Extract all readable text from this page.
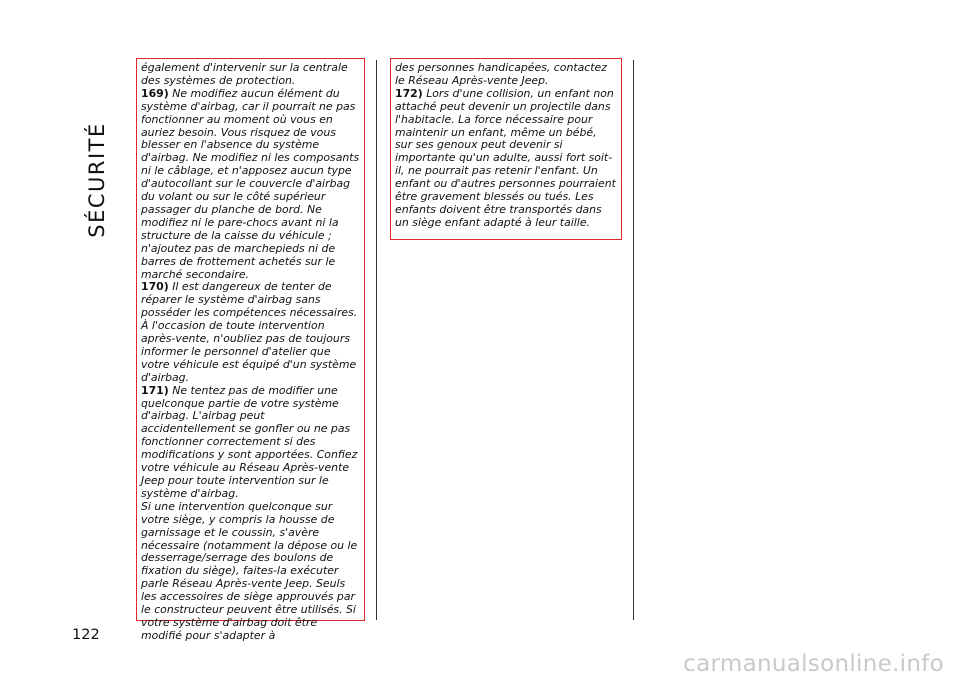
SÉCURITÉ

également d'intervenir sur la centrale des systèmes de protection.

169) Ne modifiez aucun élément du système d'airbag, car il pourrait ne pas fonctionner au moment où vous en auriez besoin. Vous risquez de vous blesser en l'absence du système d'airbag. Ne modifiez ni les composants ni le câblage, et n'apposez aucun type d'autocollant sur le couvercle d'airbag du volant ou sur le côté supérieur passager du planche de bord. Ne modifiez ni le pare-chocs avant ni la structure de la caisse du véhicule ; n'ajoutez pas de marchepieds ni de barres de frottement achetés sur le marché secondaire.

170) Il est dangereux de tenter de réparer le système d'airbag sans posséder les compétences nécessaires. À l'occasion de toute intervention après-vente, n'oubliez pas de toujours informer le personnel d'atelier que votre véhicule est équipé d'un système d'airbag.

171) Ne tentez pas de modifier une quelconque partie de votre système d'airbag. L'airbag peut accidentellement se gonfler ou ne pas fonctionner correctement si des modifications y sont apportées. Confiez votre véhicule au Réseau Après-vente Jeep pour toute intervention sur le système d'airbag.

Si une intervention quelconque sur votre siège, y compris la housse de garnissage et le coussin, s'avère nécessaire (notamment la dépose ou le desserrage/serrage des boulons de fixation du siège), faites-la exécuter parle Réseau Après-vente Jeep. Seuls les accessoires de siège approuvés par le constructeur peuvent être utilisés. Si votre système d'airbag doit être modifié pour s'adapter à

des personnes handicapées, contactez le Réseau Après-vente Jeep.

172) Lors d'une collision, un enfant non attaché peut devenir un projectile dans l'habitacle. La force nécessaire pour maintenir un enfant, même un bébé, sur ses genoux peut devenir si importante qu'un adulte, aussi fort soit-il, ne pourrait pas retenir l'enfant. Un enfant ou d'autres personnes pourraient être gravement blessés ou tués. Les enfants doivent être transportés dans un siège enfant adapté à leur taille.

122
carmanualsonline.info
